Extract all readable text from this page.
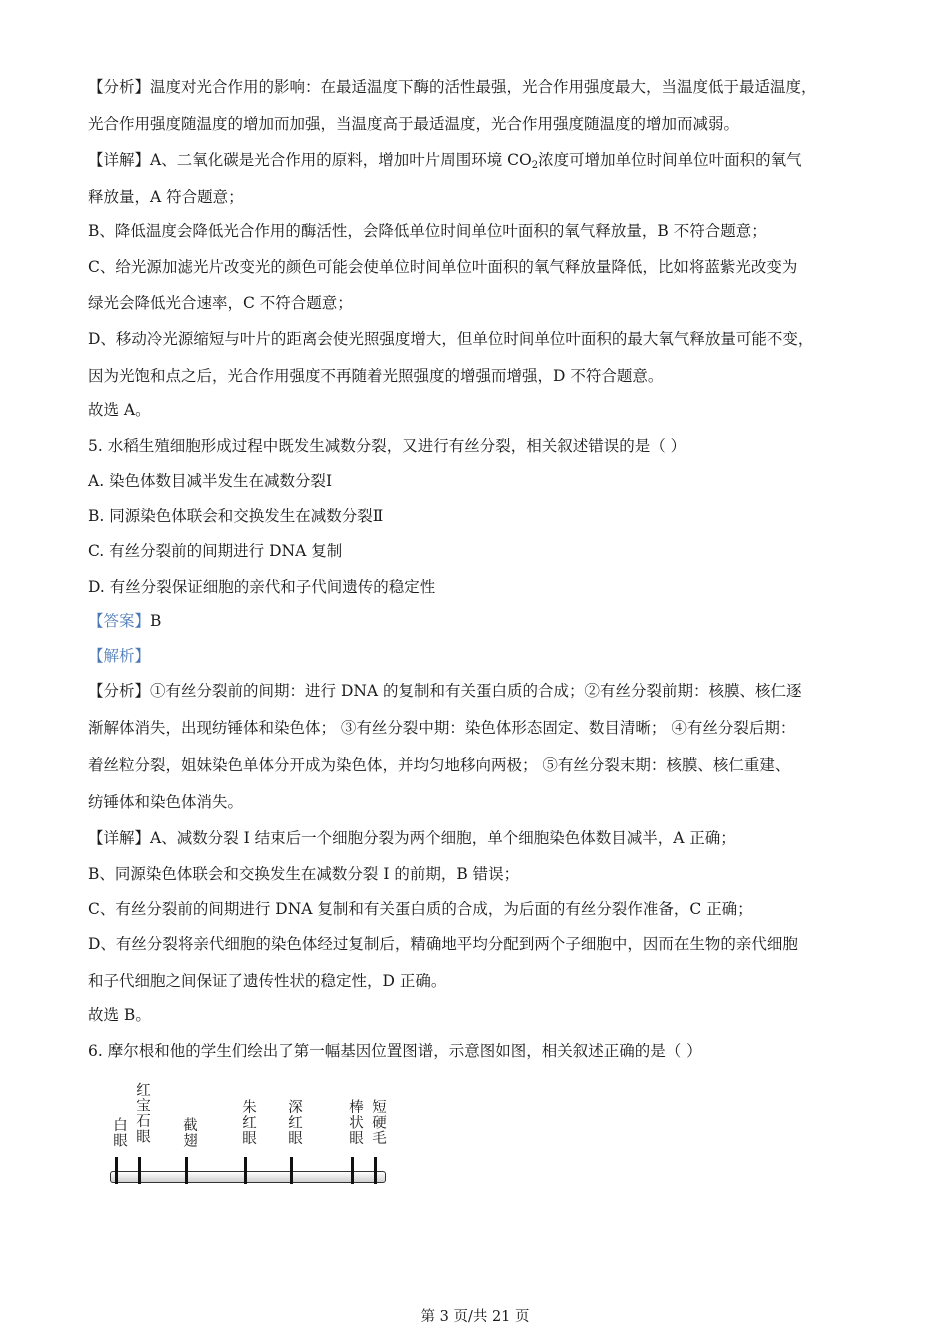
【分析】温度对光合作用的影响：在最适温度下酶的活性最强，光合作用强度最大，当温度低于最适温度，
光合作用强度随温度的增加而加强，当温度高于最适温度，光合作用强度随温度的增加而减弱。
【详解】A、二氧化碳是光合作用的原料，增加叶片周围环境 $CO_2$浓度可增加单位时间单位叶面积的氧气
释放量，A 符合题意；
B、降低温度会降低光合作用的酶活性，会降低单位时间单位叶面积的氧气释放量，B 不符合题意；
C、给光源加滤光片改变光的颜色可能会使单位时间单位叶面积的氧气释放量降低，比如将蓝紫光改变为
绿光会降低光合速率，C 不符合题意；
D、移动冷光源缩短与叶片的距离会使光照强度增大，但单位时间单位叶面积的最大氧气释放量可能不变，
因为光饱和点之后，光合作用强度不再随着光照强度的增强而增强，D 不符合题意。
故选 A。
5. 水稻生殖细胞形成过程中既发生减数分裂，又进行有丝分裂，相关叙述错误的是（ ）
A. 染色体数目减半发生在减数分裂Ⅰ
B. 同源染色体联会和交换发生在减数分裂Ⅱ
C. 有丝分裂前的间期进行 DNA 复制
D. 有丝分裂保证细胞的亲代和子代间遗传的稳定性
【答案】B
【解析】
【分析】①有丝分裂前的间期：进行 DNA 的复制和有关蛋白质的合成；②有丝分裂前期：核膜、核仁逐
渐解体消失，出现纺锤体和染色体； ③有丝分裂中期：染色体形态固定、数目清晰； ④有丝分裂后期：
着丝粒分裂，姐妹染色单体分开成为染色体，并均匀地移向两极； ⑤有丝分裂末期：核膜、核仁重建、
纺锤体和染色体消失。
【详解】A、减数分裂 I 结束后一个细胞分裂为两个细胞，单个细胞染色体数目减半，A 正确；
B、同源染色体联会和交换发生在减数分裂 I 的前期，B 错误；
C、有丝分裂前的间期进行 DNA 复制和有关蛋白质的合成，为后面的有丝分裂作准备，C 正确；
D、有丝分裂将亲代细胞的染色体经过复制后，精确地平均分配到两个子细胞中，因而在生物的亲代细胞
和子代细胞之间保证了遗传性状的稳定性，D 正确。
故选 B。
6. 摩尔根和他的学生们绘出了第一幅基因位置图谱，示意图如图，相关叙述正确的是（ ）
白眼 红宝石眼	截翅	朱红眼	深红眼	棒状眼 短硬毛
第 3 页/共 21 页
